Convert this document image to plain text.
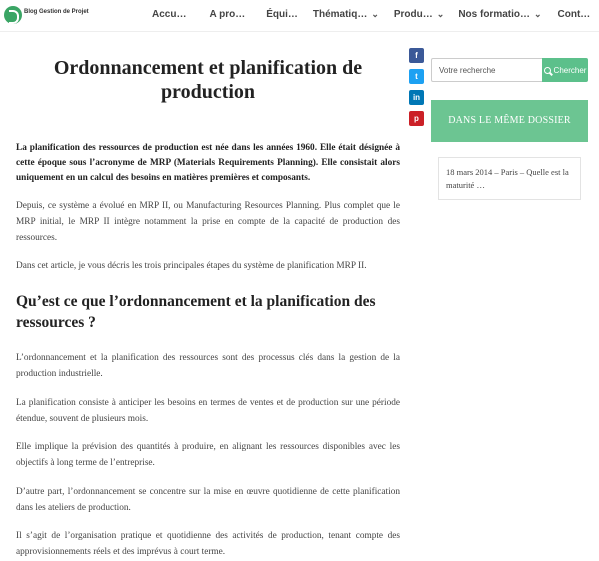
Blog Gestion de Projet	Accu… A pro… Équi… Thématiq… ⌄ Produ… ⌄ Nos formatio… ⌄ Cont…
f
t
in
p
Ordonnancement et planification de production

La planification des ressources de production est née dans les années 1960. Elle était désignée à cette époque sous l’acronyme de MRP (Materials Requirements Planning). Elle consistait alors uniquement en un calcul des besoins en matières premières et composants.

Depuis, ce système a évolué en MRP II, ou Manufacturing Resources Planning. Plus complet que le MRP initial, le MRP II intègre notamment la prise en compte de la capacité de production des ressources.

Dans cet article, je vous décris les trois principales étapes du système de planification MRP II.

Qu’est ce que l’ordonnancement et la planification des ressources ?

L’ordonnancement et la planification des ressources sont des processus clés dans la gestion de la production industrielle.

La planification consiste à anticiper les besoins en termes de ventes et de production sur une période étendue, souvent de plusieurs mois.

Elle implique la prévision des quantités à produire, en alignant les ressources disponibles avec les objectifs à long terme de l’entreprise.

D’autre part, l’ordonnancement se concentre sur la mise en œuvre quotidienne de cette planification dans les ateliers de production.

Il s’agit de l’organisation pratique et quotidienne des activités de production, tenant compte des approvisionnements réels et des imprévus à court terme.

Votre recherche
Chercher
DANS LE MÊME DOSSIER
18 mars 2014 – Paris – Quelle est la maturité …
